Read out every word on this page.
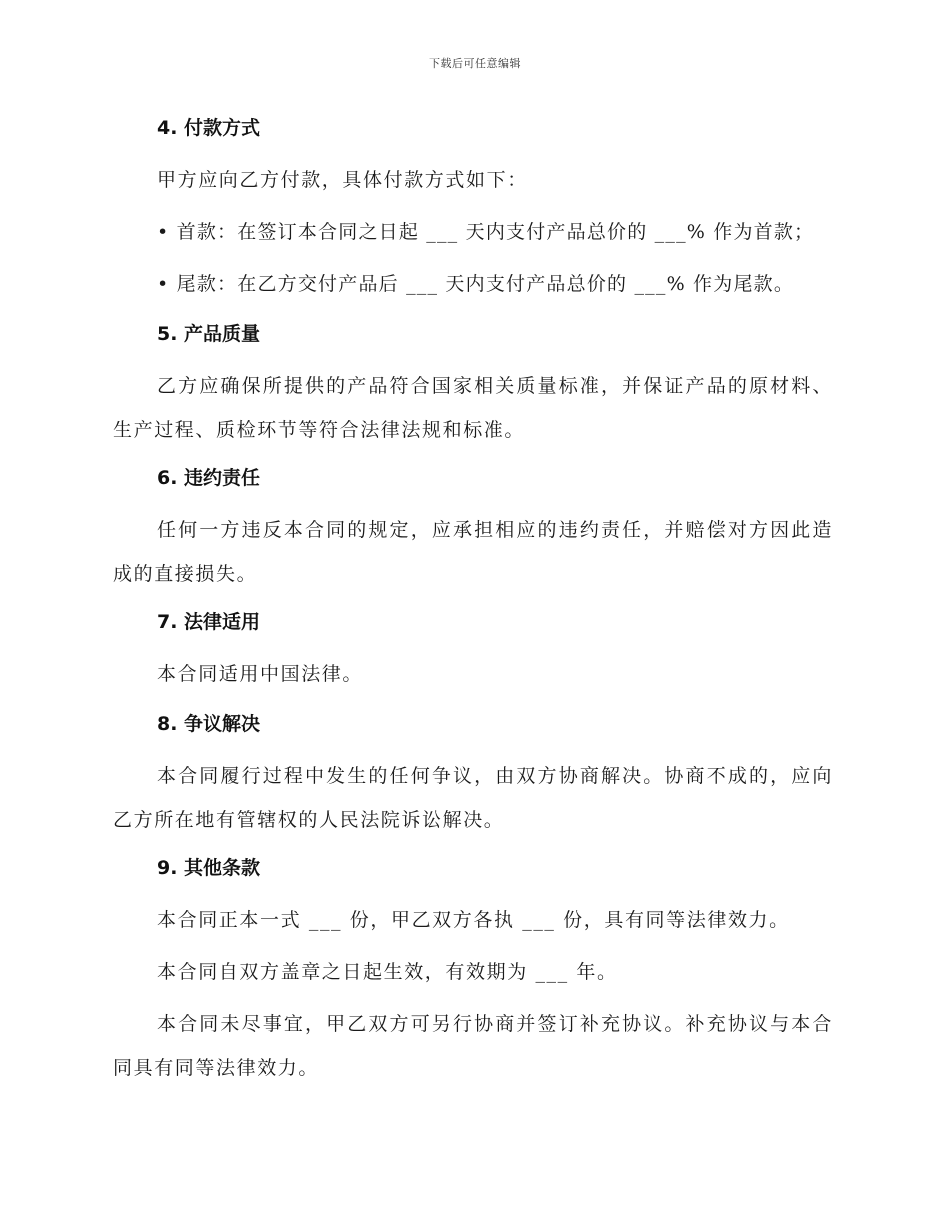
下载后可任意编辑
4. 付款方式

甲方应向乙方付款，具体付款方式如下：

• 首款：在签订本合同之日起 ___ 天内支付产品总价的 ___% 作为首款；
• 尾款：在乙方交付产品后 ___ 天内支付产品总价的 ___% 作为尾款。
5. 产品质量

乙方应确保所提供的产品符合国家相关质量标准，并保证产品的原材料、生产过程、质检环节等符合法律法规和标准。

6. 违约责任

任何一方违反本合同的规定，应承担相应的违约责任，并赔偿对方因此造成的直接损失。

7. 法律适用

本合同适用中国法律。

8. 争议解决

本合同履行过程中发生的任何争议，由双方协商解决。协商不成的，应向乙方所在地有管辖权的人民法院诉讼解决。

9. 其他条款

本合同正本一式 ___ 份，甲乙双方各执 ___ 份，具有同等法律效力。

本合同自双方盖章之日起生效，有效期为 ___ 年。

本合同未尽事宜，甲乙双方可另行协商并签订补充协议。补充协议与本合同具有同等法律效力。
